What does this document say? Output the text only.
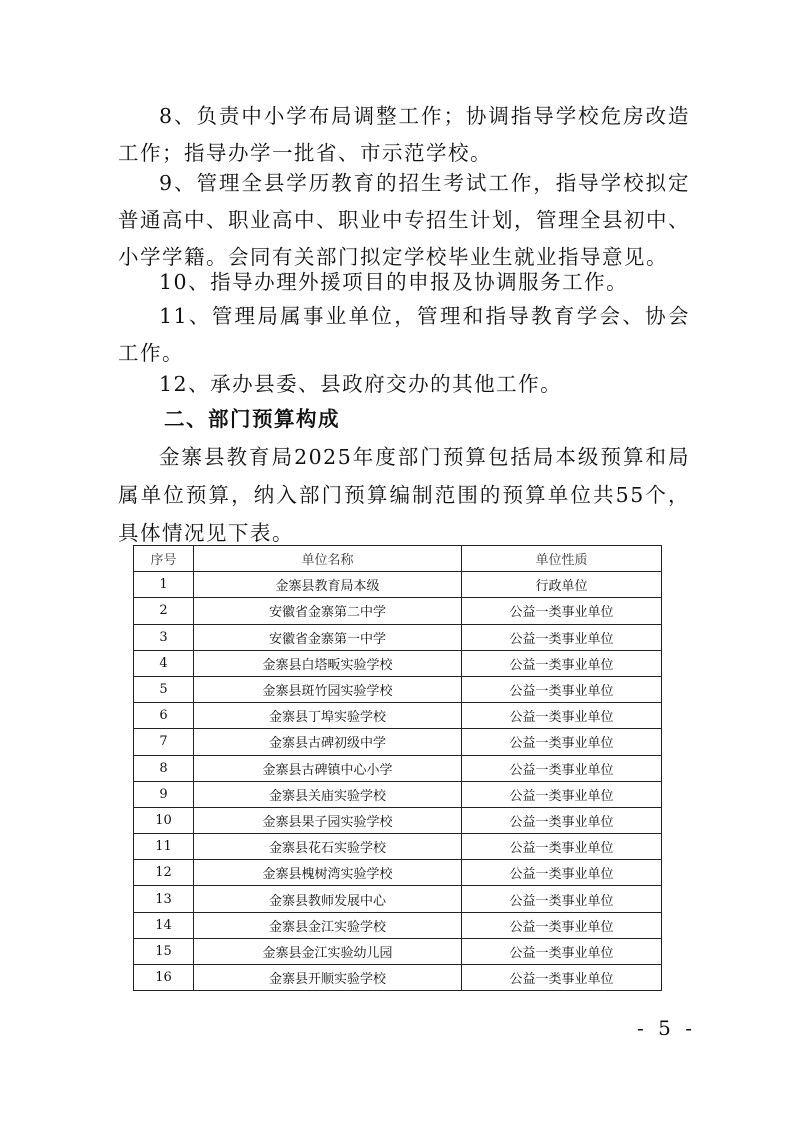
8、负责中小学布局调整工作；协调指导学校危房改造工作；指导办学一批省、市示范学校。

9、管理全县学历教育的招生考试工作，指导学校拟定普通高中、职业高中、职业中专招生计划，管理全县初中、小学学籍。会同有关部门拟定学校毕业生就业指导意见。

10、指导办理外援项目的申报及协调服务工作。

11、管理局属事业单位，管理和指导教育学会、协会工作。

12、承办县委、县政府交办的其他工作。

二、部门预算构成

金寨县教育局2025年度部门预算包括局本级预算和局属单位预算，纳入部门预算编制范围的预算单位共55个，具体情况见下表。

序号	单位名称	单位性质
1	金寨县教育局本级	行政单位
2	安徽省金寨第二中学	公益一类事业单位
3	安徽省金寨第一中学	公益一类事业单位
4	金寨县白塔畈实验学校	公益一类事业单位
5	金寨县斑竹园实验学校	公益一类事业单位
6	金寨县丁埠实验学校	公益一类事业单位
7	金寨县古碑初级中学	公益一类事业单位
8	金寨县古碑镇中心小学	公益一类事业单位
9	金寨县关庙实验学校	公益一类事业单位
10	金寨县果子园实验学校	公益一类事业单位
11	金寨县花石实验学校	公益一类事业单位
12	金寨县槐树湾实验学校	公益一类事业单位
13	金寨县教师发展中心	公益一类事业单位
14	金寨县金江实验学校	公益一类事业单位
15	金寨县金江实验幼儿园	公益一类事业单位
16	金寨县开顺实验学校	公益一类事业单位

- 5 -
